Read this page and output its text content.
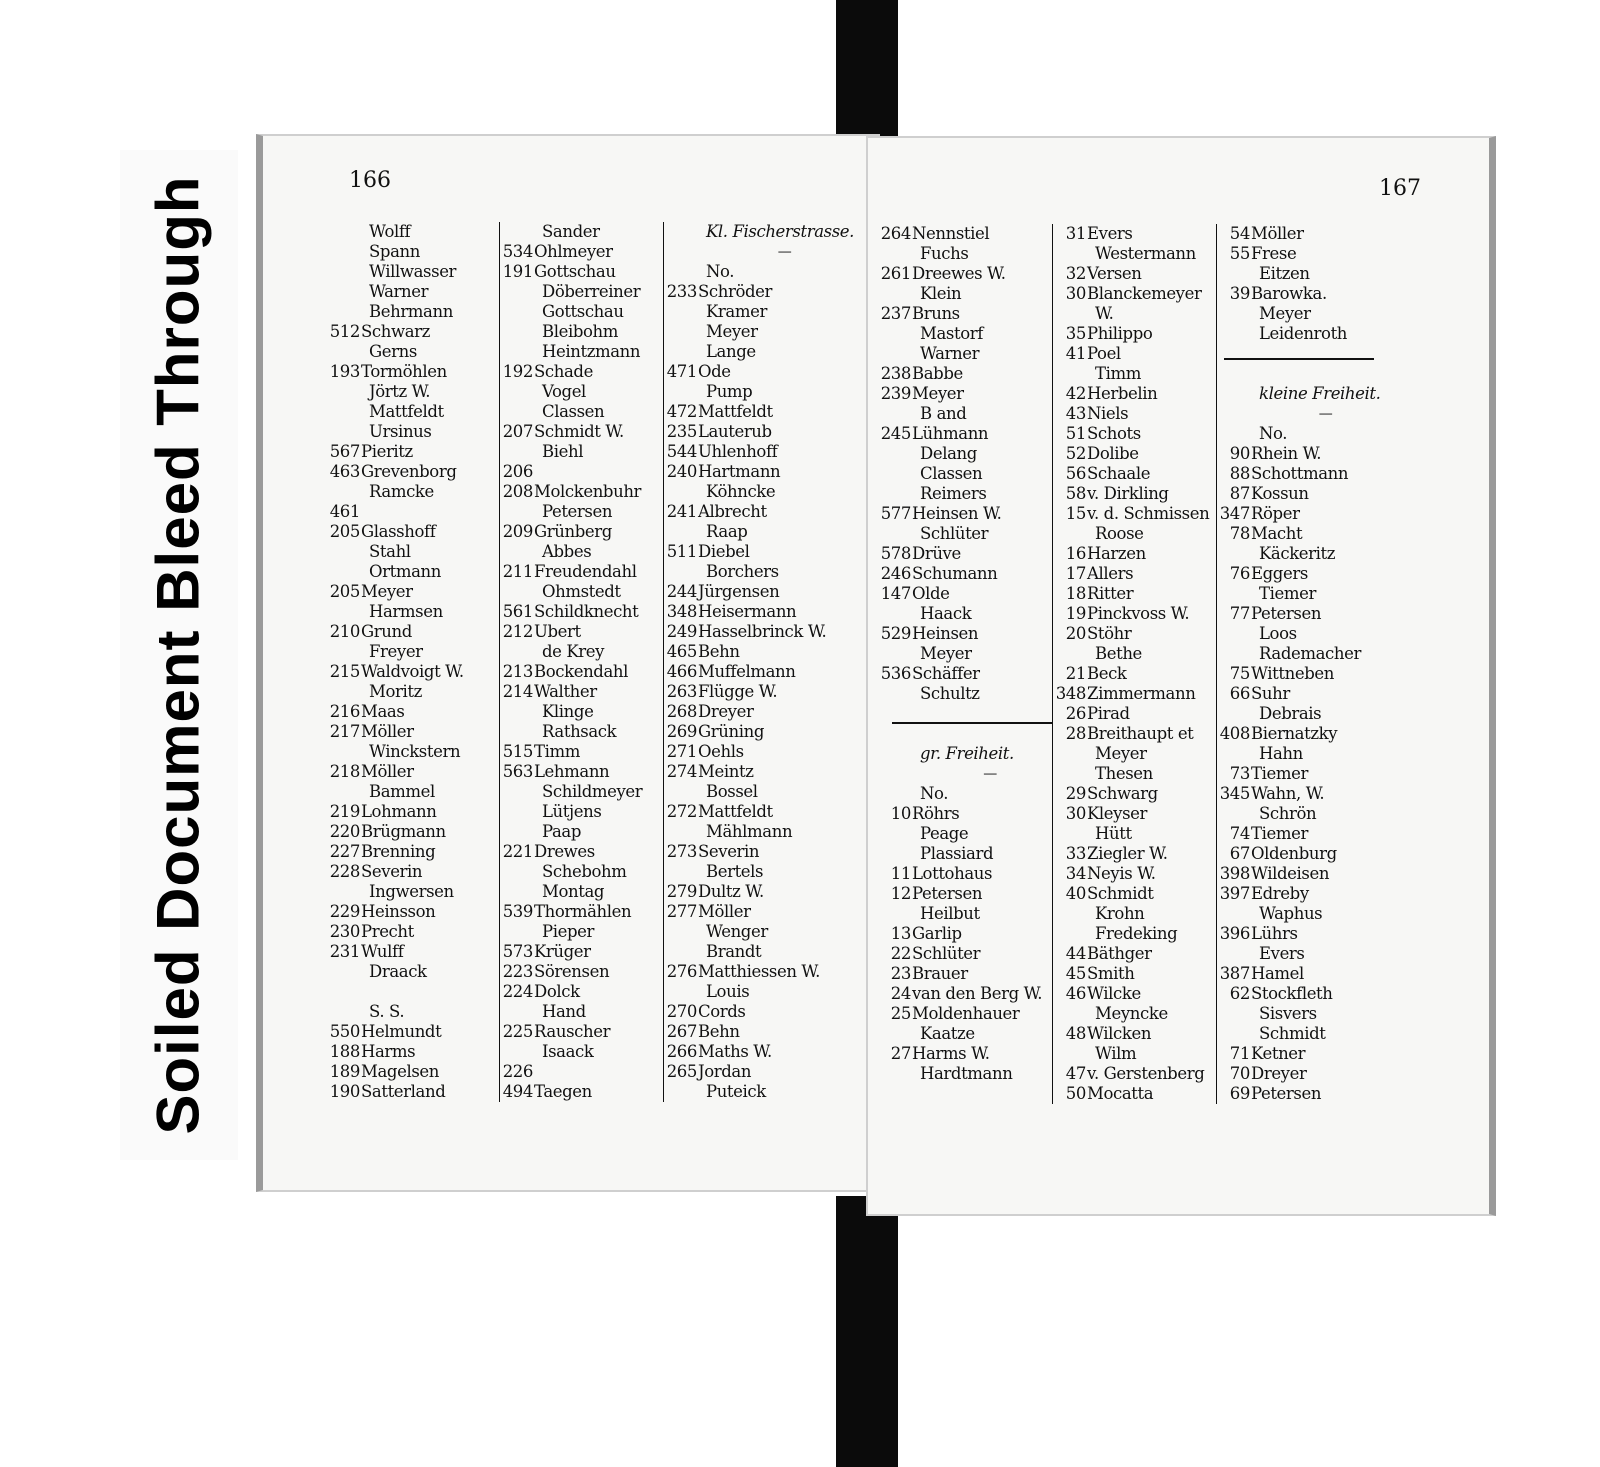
Soiled Document Bleed Through	166
Wolff
Spann
Willwasser
Warner
Behrmann
512 Schwarz
Gerns
193 Tormöhlen
Jörtz W.
Mattfeldt
Ursinus
567 Pieritz
463 Grevenborg
Ramcke
461
205 Glasshoff
Stahl
Ortmann
205 Meyer
Harmsen
210 Grund
Freyer
215 Waldvoigt W.
Moritz
216 Maas
217 Möller
Winckstern
218 Möller
Bammel
219 Lohmann
220 Brügmann
227 Brenning
228 Severin
Ingwersen
229 Heinsson
230 Precht
231 Wulff
Draack
S. S.
550 Helmundt
188 Harms
189 Magelsen
190 Satterland
Sander
534 Ohlmeyer
191 Gottschau
Döberreiner
Gottschau
Bleibohm
Heintzmann
192 Schade
Vogel
Classen
207 Schmidt W.
Biehl
206
208 Molckenbuhr
Petersen
209 Grünberg
Abbes
211 Freudendahl
Ohmstedt
561 Schildknecht
212 Ubert
de Krey
213 Bockendahl
214 Walther
Klinge
Rathsack
515 Timm
563 Lehmann
Schildmeyer
Lütjens
Paap
221 Drewes
Schebohm
Montag
539 Thormählen
Pieper
573 Krüger
223 Sörensen
224 Dolck
Hand
225 Rauscher
Isaack
226
494 Taegen
Kl. Fischerstrasse.
—
No.
233 Schröder
Kramer
Meyer
Lange
471 Ode
Pump
472 Mattfeldt
235 Lauterub
544 Uhlenhoff
240 Hartmann
Köhncke
241 Albrecht
Raap
511 Diebel
Borchers
244 Jürgensen
348 Heisermann
249 Hasselbrinck W.
465 Behn
466 Muffelmann
263 Flügge W.
268 Dreyer
269 Grüning
271 Oehls
274 Meintz
Bossel
272 Mattfeldt
Mählmann
273 Severin
Bertels
279 Dultz W.
277 Möller
Wenger
Brandt
276 Matthiessen W.
Louis
270 Cords
267 Behn
266 Maths W.
265 Jordan
Puteick
167
264 Nennstiel
Fuchs
261 Dreewes W.
Klein
237 Bruns
Mastorf
Warner
238 Babbe
239 Meyer
B and
245 Lühmann
Delang
Classen
Reimers
577 Heinsen W.
Schlüter
578 Drüve
246 Schumann
147 Olde
Haack
529 Heinsen
Meyer
536 Schäffer
Schultz
gr. Freiheit.
—
No.
10 Röhrs
Peage
Plassiard
11 Lottohaus
12 Petersen
Heilbut
13 Garlip
22 Schlüter
23 Brauer
24 van den Berg W.
25 Moldenhauer
Kaatze
27 Harms W.
Hardtmann
31 Evers
Westermann
32 Versen
30 Blanckemeyer
W.
35 Philippo
41 Poel
Timm
42 Herbelin
43 Niels
51 Schots
52 Dolibe
56 Schaale
58 v. Dirkling
15 v. d. Schmissen
Roose
16 Harzen
17 Allers
18 Ritter
19 Pinckvoss W.
20 Stöhr
Bethe
21 Beck
348 Zimmermann
26 Pirad
28 Breithaupt et
Meyer
Thesen
29 Schwarg
30 Kleyser
Hütt
33 Ziegler W.
34 Neyis W.
40 Schmidt
Krohn
Fredeking
44 Bäthger
45 Smith
46 Wilcke
Meyncke
48 Wilcken
Wilm
47 v. Gerstenberg
50 Mocatta
54 Möller
55 Frese
Eitzen
39 Barowka.
Meyer
Leidenroth
kleine Freiheit.
—
No.
90 Rhein W.
88 Schottmann
87 Kossun
347 Röper
78 Macht
Käckeritz
76 Eggers
Tiemer
77 Petersen
Loos
Rademacher
75 Wittneben
66 Suhr
Debrais
408 Biernatzky
Hahn
73 Tiemer
345 Wahn, W.
Schrön
74 Tiemer
67 Oldenburg
398 Wildeisen
397 Edreby
Waphus
396 Lührs
Evers
387 Hamel
62 Stockfleth
Sisvers
Schmidt
71 Ketner
70 Dreyer
69 Petersen
